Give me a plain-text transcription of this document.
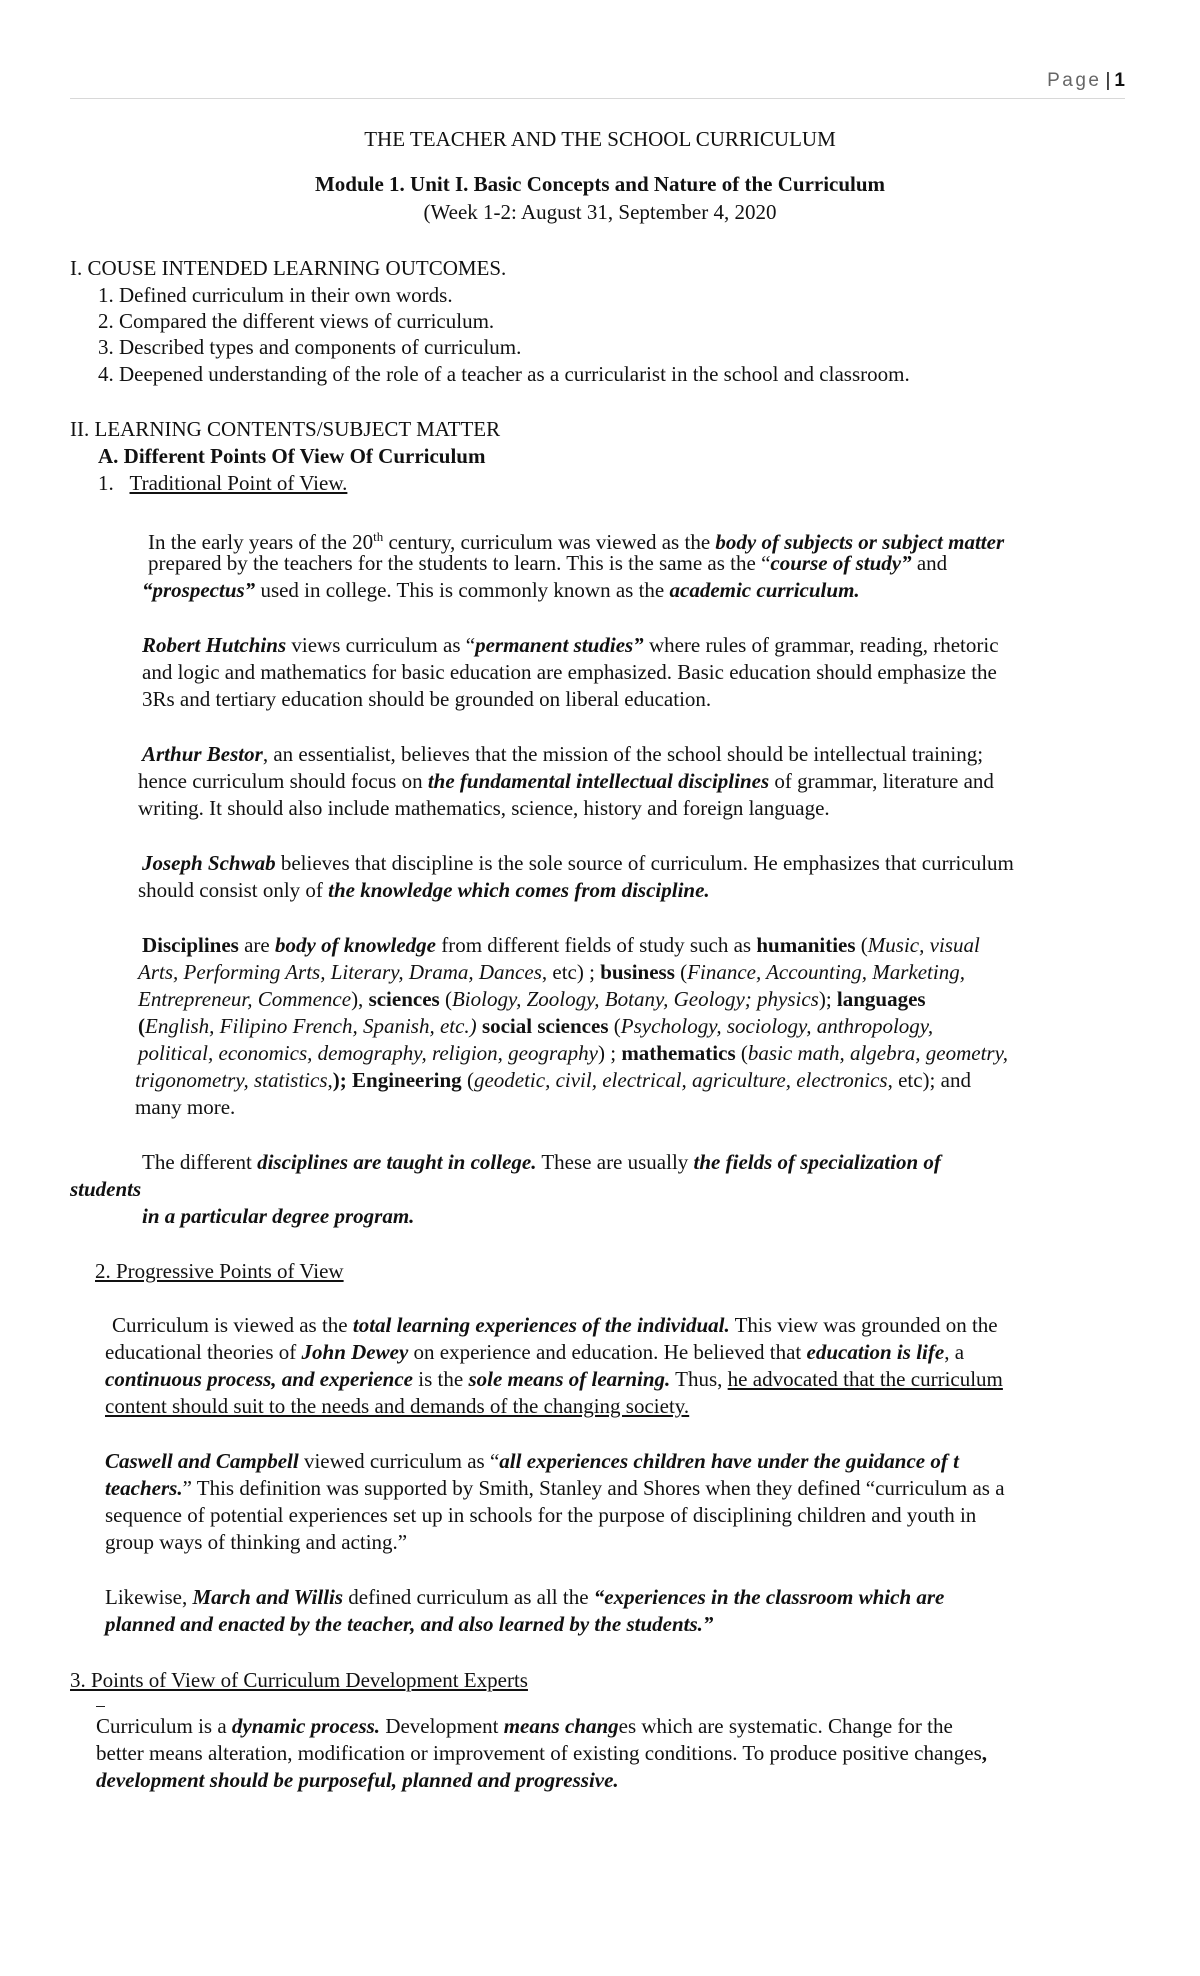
Page | 1
THE TEACHER AND THE SCHOOL CURRICULUM
Module 1. Unit I. Basic Concepts and Nature of the Curriculum
(Week 1-2: August 31, September 4, 2020
I. COUSE INTENDED LEARNING OUTCOMES.
1. Defined curriculum in their own words.
2. Compared the different views of curriculum.
3. Described types and components of curriculum.
4. Deepened understanding of the role of a teacher as a curricularist in the school and classroom.
II. LEARNING CONTENTS/SUBJECT MATTER
A. Different Points Of View Of Curriculum
1. Traditional Point of View.
In the early years of the 20th century, curriculum was viewed as the body of subjects or subject matter
prepared by the teachers for the students to learn. This is the same as the “course of study” and
“prospectus” used in college. This is commonly known as the academic curriculum.
Robert Hutchins views curriculum as “permanent studies” where rules of grammar, reading, rhetoric
and logic and mathematics for basic education are emphasized. Basic education should emphasize the
3Rs and tertiary education should be grounded on liberal education.
Arthur Bestor, an essentialist, believes that the mission of the school should be intellectual training;
hence curriculum should focus on the fundamental intellectual disciplines of grammar, literature and
writing. It should also include mathematics, science, history and foreign language.
Joseph Schwab believes that discipline is the sole source of curriculum. He emphasizes that curriculum
should consist only of the knowledge which comes from discipline.
Disciplines are body of knowledge from different fields of study such as humanities (Music, visual
Arts, Performing Arts, Literary, Drama, Dances, etc) ; business (Finance, Accounting, Marketing,
Entrepreneur, Commence), sciences (Biology, Zoology, Botany, Geology; physics); languages
(English, Filipino French, Spanish, etc.) social sciences (Psychology, sociology, anthropology,
political, economics, demography, religion, geography) ; mathematics (basic math, algebra, geometry,
trigonometry, statistics,); Engineering (geodetic, civil, electrical, agriculture, electronics, etc); and
many more.
The different disciplines are taught in college. These are usually the fields of specialization of
students
in a particular degree program.
2. Progressive Points of View
Curriculum is viewed as the total learning experiences of the individual. This view was grounded on the
educational theories of John Dewey on experience and education. He believed that education is life, a
continuous process, and experience is the sole means of learning. Thus, he advocated that the curriculum
content should suit to the needs and demands of the changing society.
Caswell and Campbell viewed curriculum as “all experiences children have under the guidance of t
teachers.” This definition was supported by Smith, Stanley and Shores when they defined “curriculum as a
sequence of potential experiences set up in schools for the purpose of disciplining children and youth in
group ways of thinking and acting.”
Likewise, March and Willis defined curriculum as all the “experiences in the classroom which are
planned and enacted by the teacher, and also learned by the students.”
3. Points of View of Curriculum Development Experts
Curriculum is a dynamic process. Development means changes which are systematic. Change for the
better means alteration, modification or improvement of existing conditions. To produce positive changes,
development should be purposeful, planned and progressive.
